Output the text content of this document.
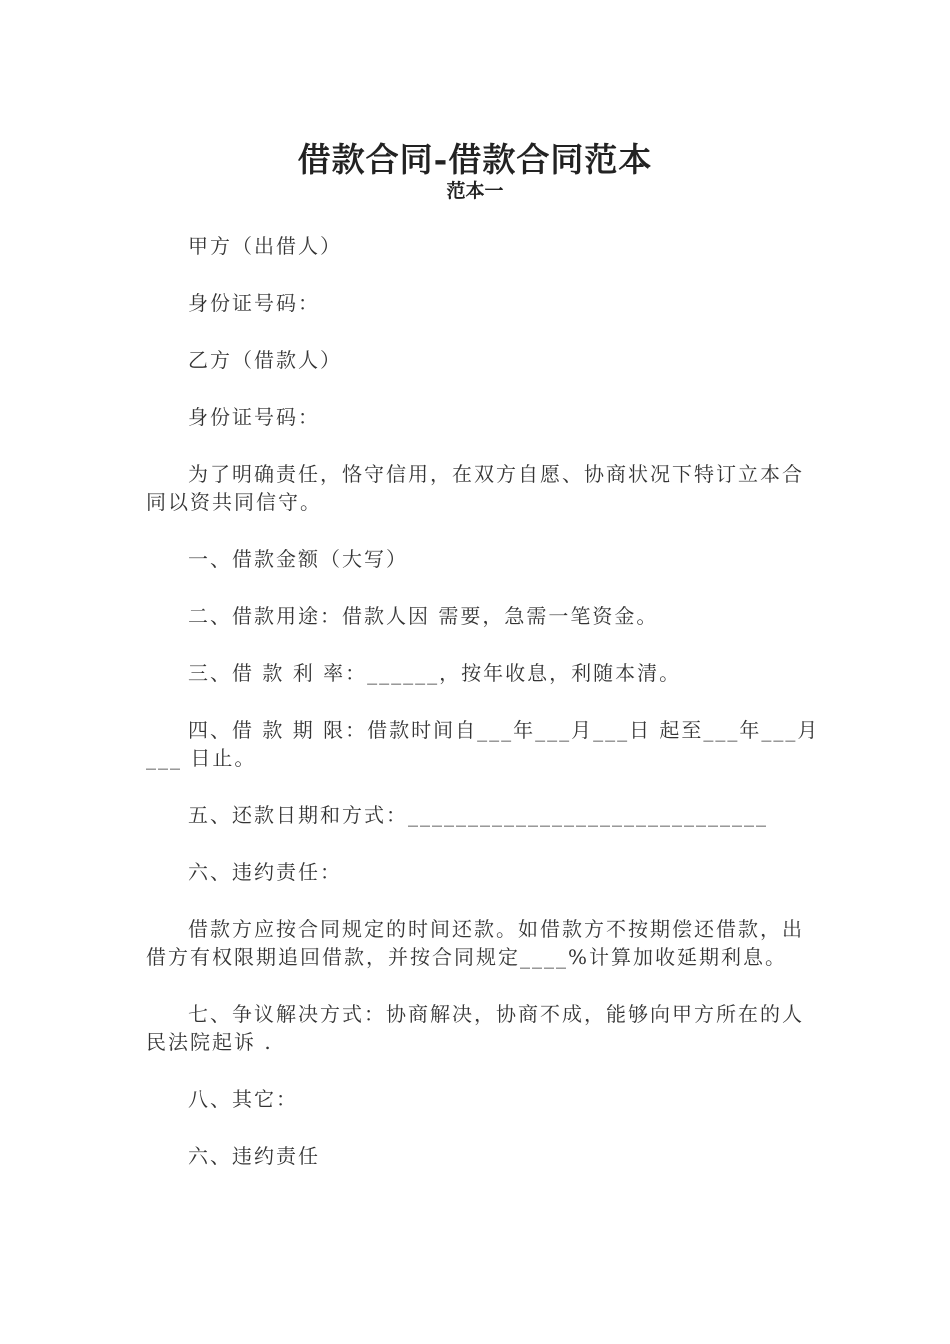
借款合同-借款合同范本
范本一
甲方（出借人）
身份证号码：
乙方（借款人）
身份证号码：
为了明确责任，恪守信用，在双方自愿、协商状况下特订立本合
同以资共同信守。
一、借款金额（大写）
二、借款用途：借款人因 需要，急需一笔资金。
三、借 款 利 率：______，按年收息，利随本清。
四、借 款 期 限：借款时间自___年___月___日 起至___年___月
___ 日止。
五、还款日期和方式：______________________________
六、违约责任：
借款方应按合同规定的时间还款。如借款方不按期偿还借款，出
借方有权限期追回借款，并按合同规定____%计算加收延期利息。
七、争议解决方式：协商解决，协商不成，能够向甲方所在的人
民法院起诉 .
八、其它：
六、违约责任
